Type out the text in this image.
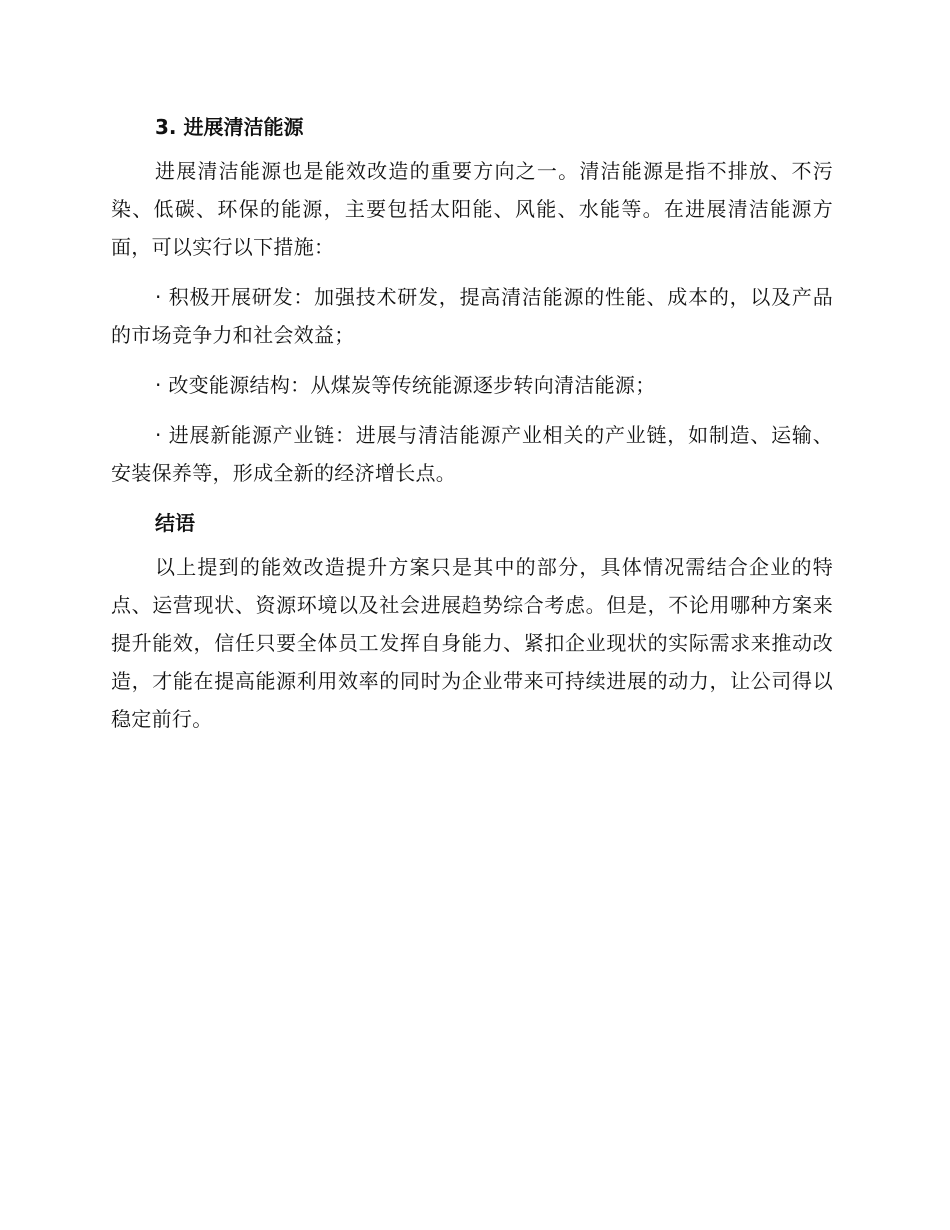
3. 进展清洁能源

进展清洁能源也是能效改造的重要方向之一。清洁能源是指不排放、不污染、低碳、环保的能源，主要包括太阳能、风能、水能等。在进展清洁能源方面，可以实行以下措施：

· 积极开展研发：加强技术研发，提高清洁能源的性能、成本的，以及产品的市场竞争力和社会效益；

· 改变能源结构：从煤炭等传统能源逐步转向清洁能源；

· 进展新能源产业链：进展与清洁能源产业相关的产业链，如制造、运输、安装保养等，形成全新的经济增长点。

结语

以上提到的能效改造提升方案只是其中的部分，具体情况需结合企业的特点、运营现状、资源环境以及社会进展趋势综合考虑。但是，不论用哪种方案来提升能效，信任只要全体员工发挥自身能力、紧扣企业现状的实际需求来推动改造，才能在提高能源利用效率的同时为企业带来可持续进展的动力，让公司得以稳定前行。
